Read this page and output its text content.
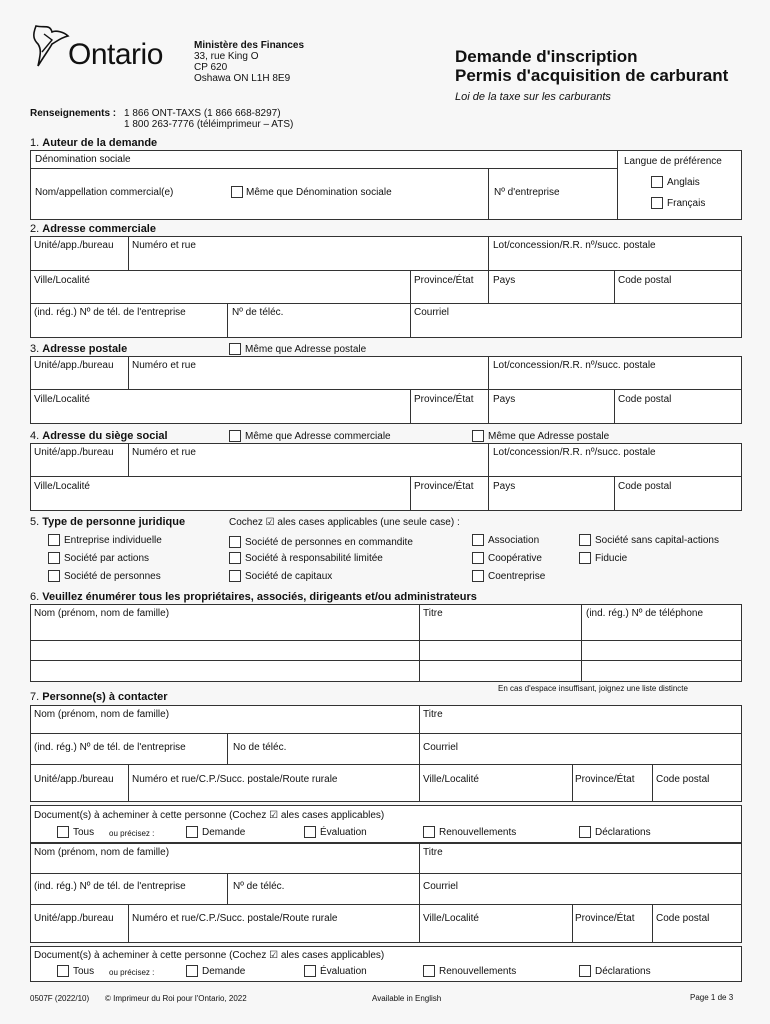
Ontario	Ministère des Finances
33, rue King O
CP 620
Oshawa ON L1H 8E9
Demande d'inscription
Permis d'acquisition de carburant
Loi de la taxe sur les carburants
Renseignements : 1 866 ONT-TAXS (1 866 668-8297)
1 800 263-7776 (téléimprimeur – ATS)
1. Auteur de la demande
Dénomination sociale
Nom/appellation commercial(e)	Même que Dénomination sociale	Nº d'entreprise
Langue de préférence
Anglais
Français
2. Adresse commerciale
Unité/app./bureau Numéro et rue	Lot/concession/R.R. nº/succ. postale
Ville/Localité	Province/État Pays	Code postal
(ind. rég.) Nº de tél. de l'entreprise	Nº de téléc.	Courriel
3. Adresse postale	Même que Adresse postale
Unité/app./bureau Numéro et rue	Lot/concession/R.R. nº/succ. postale
Ville/Localité	Province/État Pays	Code postal
4. Adresse du siège social	Même que Adresse commerciale	Même que Adresse postale
Unité/app./bureau Numéro et rue	Lot/concession/R.R. nº/succ. postale
Ville/Localité	Province/État Pays	Code postal
5. Type de personne juridique	Cochez ☑ ales cases applicables (une seule case) :
Entreprise individuelle
Société par actions
Société de personnes
Société de personnes en commandite
Société à responsabilité limitée
Société de capitaux
Association
Coopérative
Coentreprise
Société sans capital-actions
Fiducie
6. Veuillez énumérer tous les propriétaires, associés, dirigeants et/ou administrateurs
Nom (prénom, nom de famille)	Titre	(ind. rég.) Nº de téléphone
En cas d'espace insuffisant, joignez une liste distincte
7. Personne(s) à contacter
Nom (prénom, nom de famille)	Titre
(ind. rég.) Nº de tél. de l'entreprise	No de téléc.	Courriel
Unité/app./bureau Numéro et rue/C.P./Succ. postale/Route rurale	Ville/Localité	Province/État Code postal
Document(s) à acheminer à cette personne (Cochez ☑ ales cases applicables)
Tous ou précisez :	Demande	Évaluation	Renouvellements	Déclarations
Nom (prénom, nom de famille)	Titre
(ind. rég.) Nº de tél. de l'entreprise	Nº de téléc.	Courriel
Unité/app./bureau Numéro et rue/C.P./Succ. postale/Route rurale	Ville/Localité	Province/État Code postal
Document(s) à acheminer à cette personne (Cochez ☑ ales cases applicables)
Tous ou précisez :	Demande	Évaluation	Renouvellements	Déclarations
0507F (2022/10) © Imprimeur du Roi pour l'Ontario, 2022	Available in English	Page 1 de 3
